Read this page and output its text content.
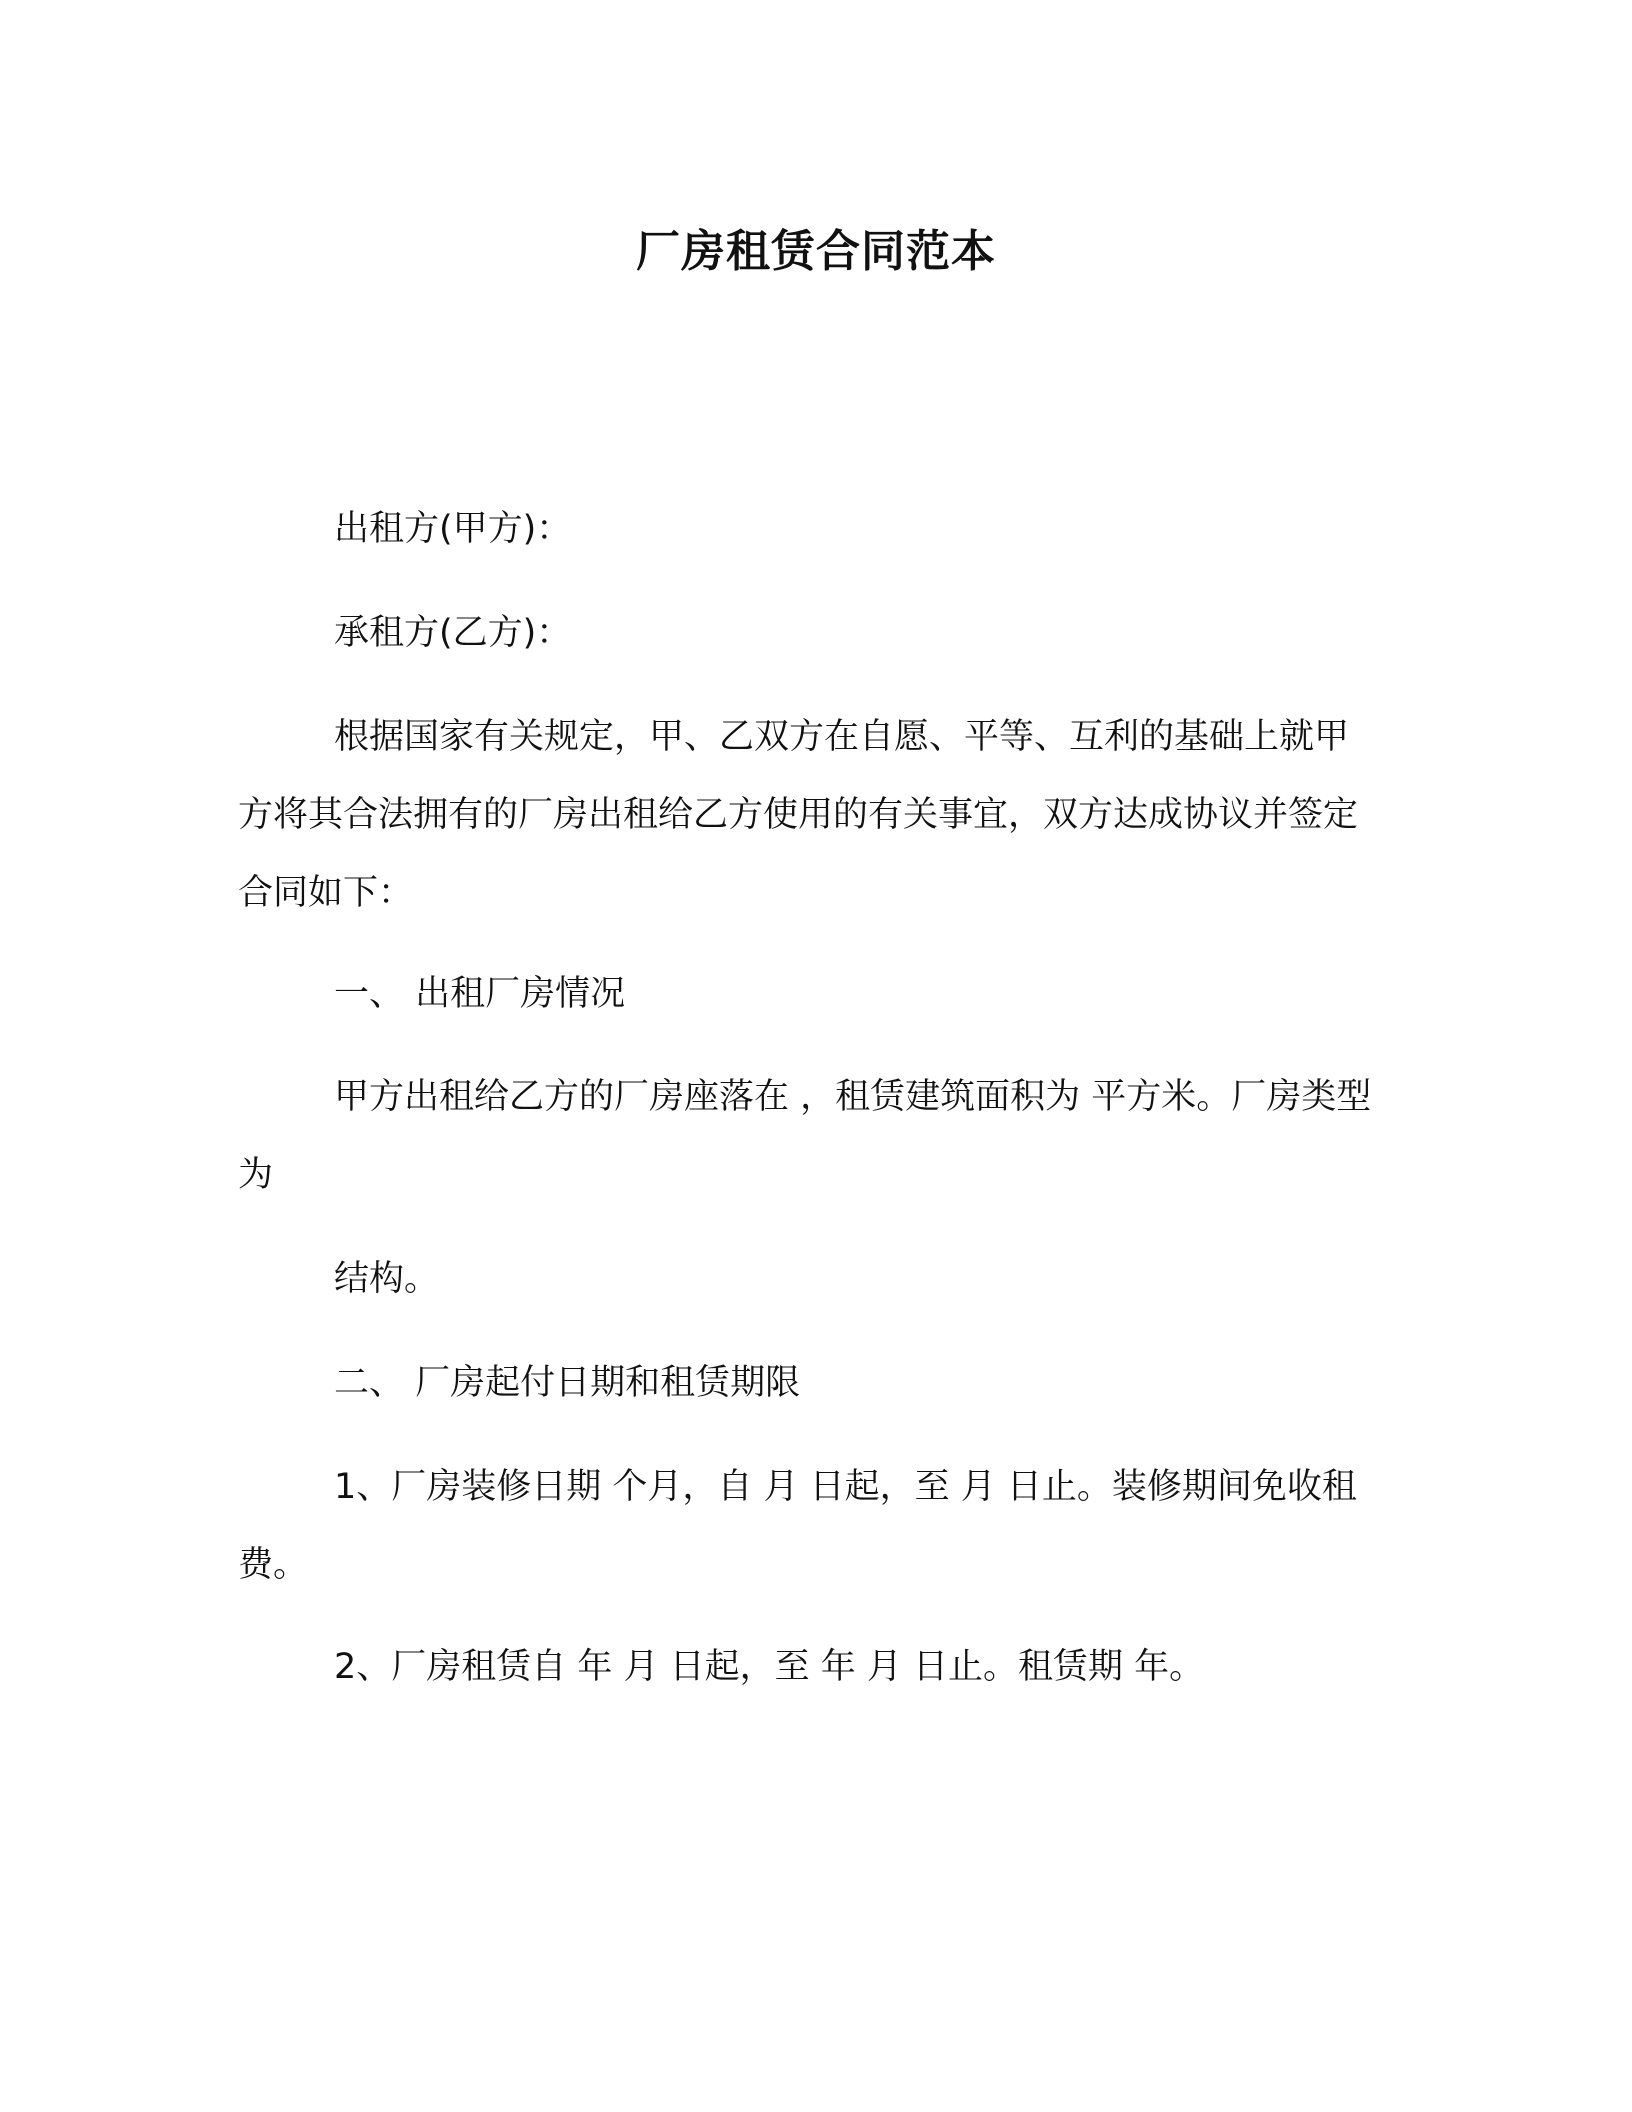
厂房租赁合同范本
出租方(甲方)：
承租方(乙方)：
根据国家有关规定，甲、乙双方在自愿、平等、互利的基础上就甲方将其合法拥有的厂房出租给乙方使用的有关事宜，双方达成协议并签定合同如下：
一、 出租厂房情况
甲方出租给乙方的厂房座落在 ，租赁建筑面积为 平方米。厂房类型为
结构。
二、 厂房起付日期和租赁期限
1、厂房装修日期 个月，自 月 日起，至 月 日止。装修期间免收租费。
2、厂房租赁自 年 月 日起，至 年 月 日止。租赁期 年。
